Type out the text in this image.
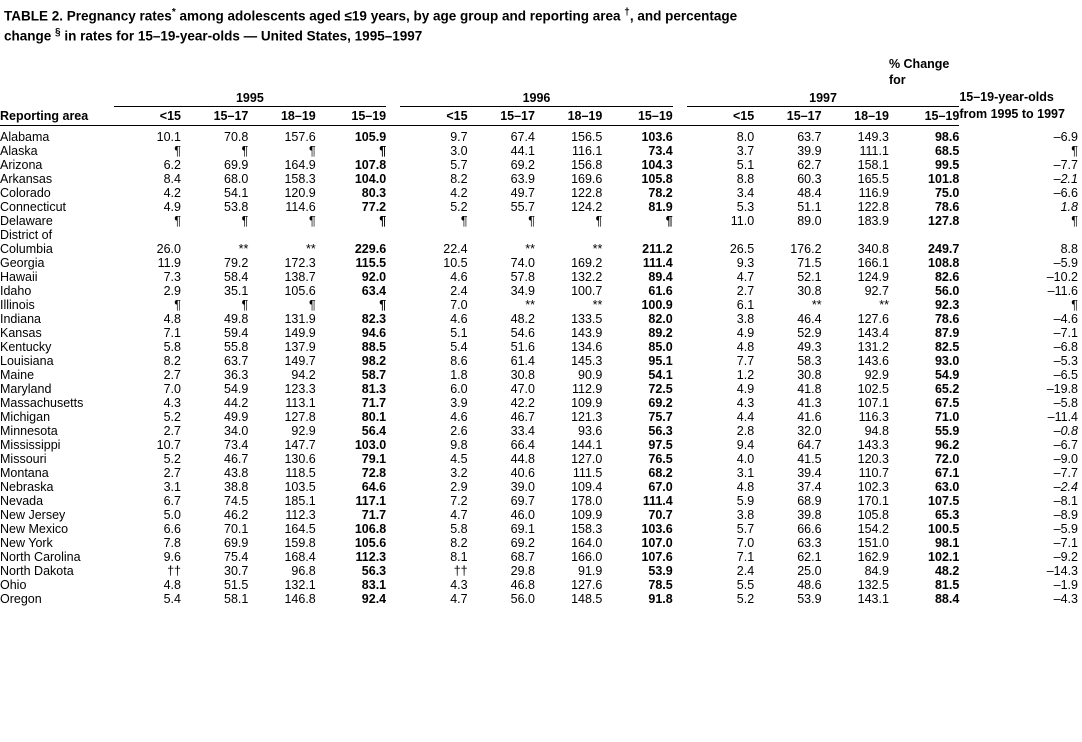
TABLE 2. Pregnancy rates* among adolescents aged ≤19 years, by age group and reporting area †, and percentage
change § in rates for 15–19-year-olds — United States, 1995–1997
														% Change for	
	1995					1996					1997				15–19-year-olds

Reporting area	<15	15–17	18–19	15–19		<15	15–17	18–19	15–19		<15	15–17	18–19	15–19	from 1995 to 1997

Alabama	10.1	70.8	157.6	105.9		9.7	67.4	156.5	103.6		8.0	63.7	149.3	98.6	–6.9
Alaska	¶	¶	¶	¶		3.0	44.1	116.1	73.4		3.7	39.9	111.1	68.5	¶
Arizona	6.2	69.9	164.9	107.8		5.7	69.2	156.8	104.3		5.1	62.7	158.1	99.5	–7.7
Arkansas	8.4	68.0	158.3	104.0		8.2	63.9	169.6	105.8		8.8	60.3	165.5	101.8	–2.1
Colorado	4.2	54.1	120.9	80.3		4.2	49.7	122.8	78.2		3.4	48.4	116.9	75.0	–6.6
Connecticut	4.9	53.8	114.6	77.2		5.2	55.7	124.2	81.9		5.3	51.1	122.8	78.6	1.8
Delaware	¶	¶	¶	¶		¶	¶	¶	¶		11.0	89.0	183.9	127.8	¶
District of															
Columbia	26.0	**	**	229.6		22.4	**	**	211.2		26.5	176.2	340.8	249.7	8.8
Georgia	11.9	79.2	172.3	115.5		10.5	74.0	169.2	111.4		9.3	71.5	166.1	108.8	–5.9
Hawaii	7.3	58.4	138.7	92.0		4.6	57.8	132.2	89.4		4.7	52.1	124.9	82.6	–10.2
Idaho	2.9	35.1	105.6	63.4		2.4	34.9	100.7	61.6		2.7	30.8	92.7	56.0	–11.6
Illinois	¶	¶	¶	¶		7.0	**	**	100.9		6.1	**	**	92.3	¶
Indiana	4.8	49.8	131.9	82.3		4.6	48.2	133.5	82.0		3.8	46.4	127.6	78.6	–4.6
Kansas	7.1	59.4	149.9	94.6		5.1	54.6	143.9	89.2		4.9	52.9	143.4	87.9	–7.1
Kentucky	5.8	55.8	137.9	88.5		5.4	51.6	134.6	85.0		4.8	49.3	131.2	82.5	–6.8
Louisiana	8.2	63.7	149.7	98.2		8.6	61.4	145.3	95.1		7.7	58.3	143.6	93.0	–5.3
Maine	2.7	36.3	94.2	58.7		1.8	30.8	90.9	54.1		1.2	30.8	92.9	54.9	–6.5
Maryland	7.0	54.9	123.3	81.3		6.0	47.0	112.9	72.5		4.9	41.8	102.5	65.2	–19.8
Massachusetts	4.3	44.2	113.1	71.7		3.9	42.2	109.9	69.2		4.3	41.3	107.1	67.5	–5.8
Michigan	5.2	49.9	127.8	80.1		4.6	46.7	121.3	75.7		4.4	41.6	116.3	71.0	–11.4
Minnesota	2.7	34.0	92.9	56.4		2.6	33.4	93.6	56.3		2.8	32.0	94.8	55.9	–0.8
Mississippi	10.7	73.4	147.7	103.0		9.8	66.4	144.1	97.5		9.4	64.7	143.3	96.2	–6.7
Missouri	5.2	46.7	130.6	79.1		4.5	44.8	127.0	76.5		4.0	41.5	120.3	72.0	–9.0
Montana	2.7	43.8	118.5	72.8		3.2	40.6	111.5	68.2		3.1	39.4	110.7	67.1	–7.7
Nebraska	3.1	38.8	103.5	64.6		2.9	39.0	109.4	67.0		4.8	37.4	102.3	63.0	–2.4
Nevada	6.7	74.5	185.1	117.1		7.2	69.7	178.0	111.4		5.9	68.9	170.1	107.5	–8.1
New Jersey	5.0	46.2	112.3	71.7		4.7	46.0	109.9	70.7		3.8	39.8	105.8	65.3	–8.9
New Mexico	6.6	70.1	164.5	106.8		5.8	69.1	158.3	103.6		5.7	66.6	154.2	100.5	–5.9
New York	7.8	69.9	159.8	105.6		8.2	69.2	164.0	107.0		7.0	63.3	151.0	98.1	–7.1
North Carolina	9.6	75.4	168.4	112.3		8.1	68.7	166.0	107.6		7.1	62.1	162.9	102.1	–9.2
North Dakota	††	30.7	96.8	56.3		††	29.8	91.9	53.9		2.4	25.0	84.9	48.2	–14.3
Ohio	4.8	51.5	132.1	83.1		4.3	46.8	127.6	78.5		5.5	48.6	132.5	81.5	–1.9
Oregon	5.4	58.1	146.8	92.4		4.7	56.0	148.5	91.8		5.2	53.9	143.1	88.4	–4.3
